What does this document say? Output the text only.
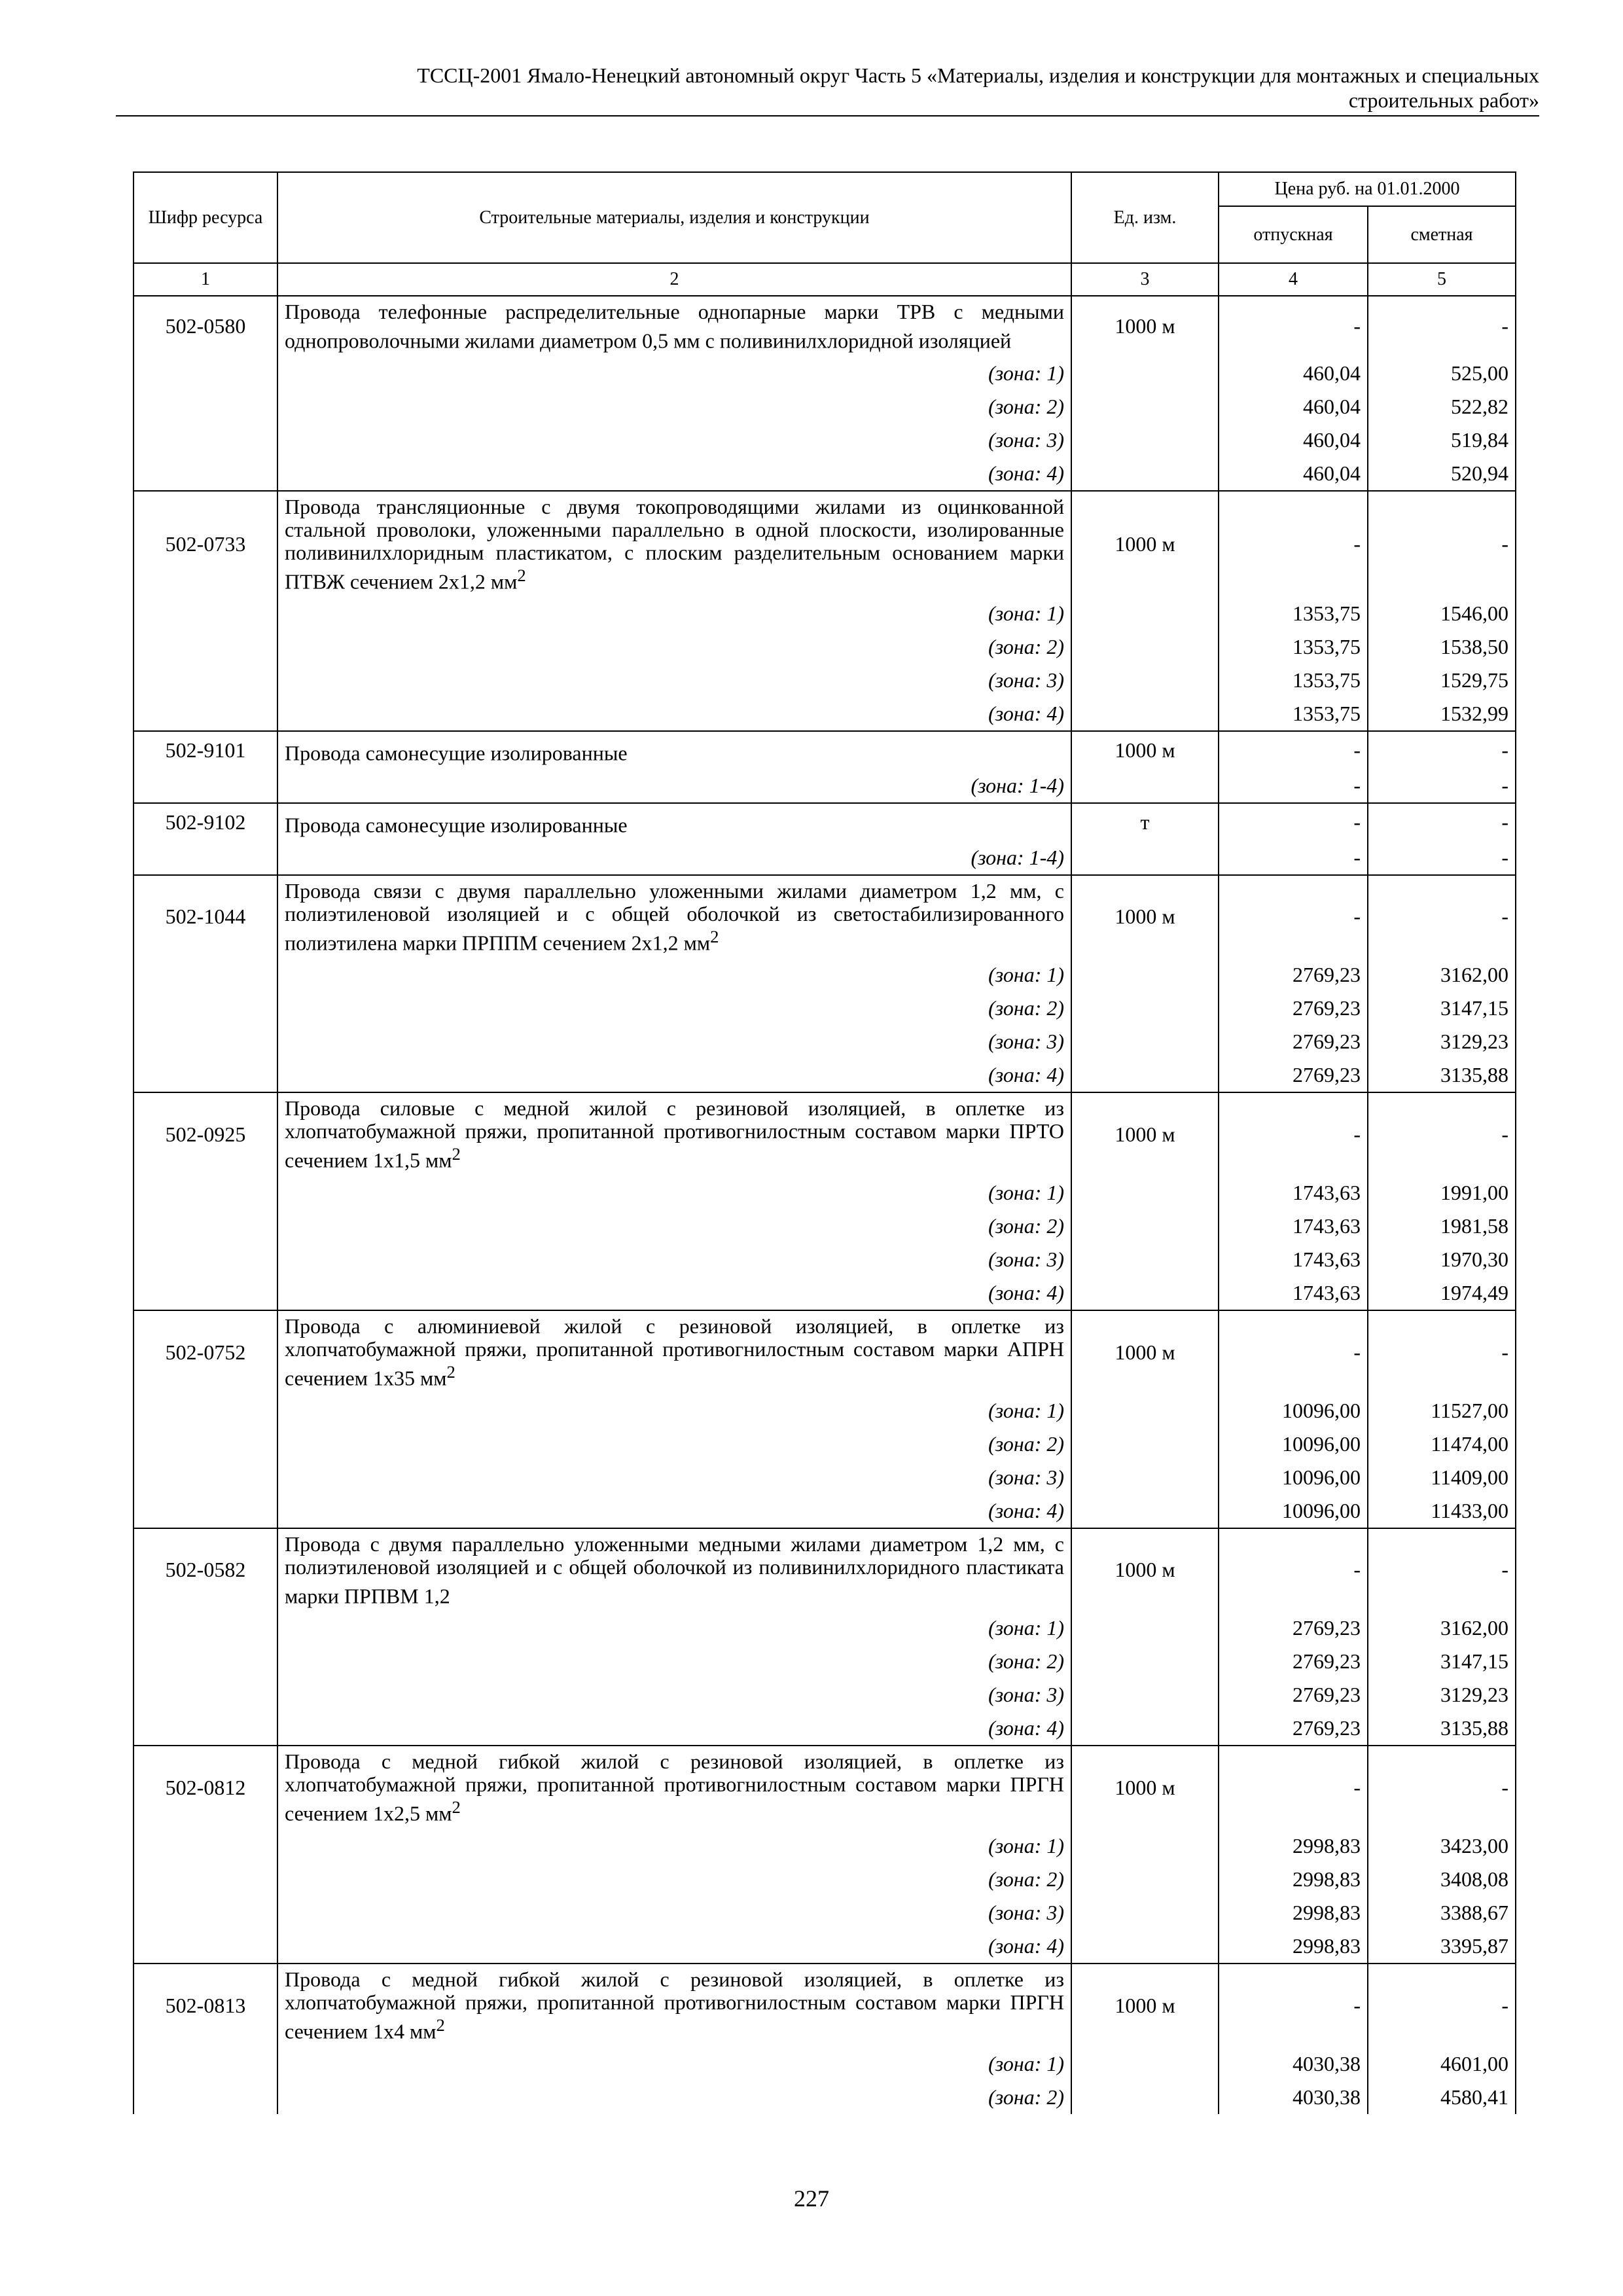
ТССЦ-2001 Ямало-Ненецкий автономный округ Часть 5 «Материалы, изделия и конструкции для монтажных и специальных
строительных работ»
Шифр ресурса	Строительные материалы, изделия и конструкции	Ед. изм.	Цена руб. на 01.01.2000	
			отпускная	сметная
1	2	3	4	5
502-0580	Провода телефонные распределительные однопарные марки ТРВ с медными однопроволочными жилами диаметром 0,5 мм с поливинилхлоридной изоляцией	1000 м	-	-
	(зона: 1)		460,04	525,00
	(зона: 2)		460,04	522,82
	(зона: 3)		460,04	519,84
	(зона: 4)		460,04	520,94
502-0733	Провода трансляционные с двумя токопроводящими жилами из оцинкованной стальной проволоки, уложенными параллельно в одной плоскости, изолированные поливинилхлоридным пластикатом, с плоским разделительным основанием марки ПТВЖ сечением 2х1,2 $мм^2$	1000 м	-	-
	(зона: 1)		1353,75	1546,00
	(зона: 2)		1353,75	1538,50
	(зона: 3)		1353,75	1529,75
	(зона: 4)		1353,75	1532,99
502-9101	Провода самонесущие изолированные	1000 м	-	-
	(зона: 1-4)		-	-
502-9102	Провода самонесущие изолированные	т	-	-
	(зона: 1-4)		-	-
502-1044	Провода связи с двумя параллельно уложенными жилами диаметром 1,2 мм, с полиэтиленовой изоляцией и с общей оболочкой из светостабилизированного полиэтилена марки ПРППМ сечением 2х1,2 $мм^2$	1000 м	-	-
	(зона: 1)		2769,23	3162,00
	(зона: 2)		2769,23	3147,15
	(зона: 3)		2769,23	3129,23
	(зона: 4)		2769,23	3135,88
502-0925	Провода силовые с медной жилой с резиновой изоляцией, в оплетке из хлопчатобумажной пряжи, пропитанной противогнилостным составом марки ПРТО сечением 1х1,5 $мм^2$	1000 м	-	-
	(зона: 1)		1743,63	1991,00
	(зона: 2)		1743,63	1981,58
	(зона: 3)		1743,63	1970,30
	(зона: 4)		1743,63	1974,49
502-0752	Провода с алюминиевой жилой с резиновой изоляцией, в оплетке из хлопчатобумажной пряжи, пропитанной противогнилостным составом марки АПРН сечением 1х35 $мм^2$	1000 м	-	-
	(зона: 1)		10096,00	11527,00
	(зона: 2)		10096,00	11474,00
	(зона: 3)		10096,00	11409,00
	(зона: 4)		10096,00	11433,00
502-0582	Провода с двумя параллельно уложенными медными жилами диаметром 1,2 мм, с полиэтиленовой изоляцией и с общей оболочкой из поливинилхлоридного пластиката марки ПРПВМ 1,2	1000 м	-	-
	(зона: 1)		2769,23	3162,00
	(зона: 2)		2769,23	3147,15
	(зона: 3)		2769,23	3129,23
	(зона: 4)		2769,23	3135,88
502-0812	Провода с медной гибкой жилой с резиновой изоляцией, в оплетке из хлопчатобумажной пряжи, пропитанной противогнилостным составом марки ПРГН сечением 1х2,5 $мм^2$	1000 м	-	-
	(зона: 1)		2998,83	3423,00
	(зона: 2)		2998,83	3408,08
	(зона: 3)		2998,83	3388,67
	(зона: 4)		2998,83	3395,87
502-0813	Провода с медной гибкой жилой с резиновой изоляцией, в оплетке из хлопчатобумажной пряжи, пропитанной противогнилостным составом марки ПРГН сечением 1х4 $мм^2$	1000 м	-	-
	(зона: 1)		4030,38	4601,00
	(зона: 2)		4030,38	4580,41
227
